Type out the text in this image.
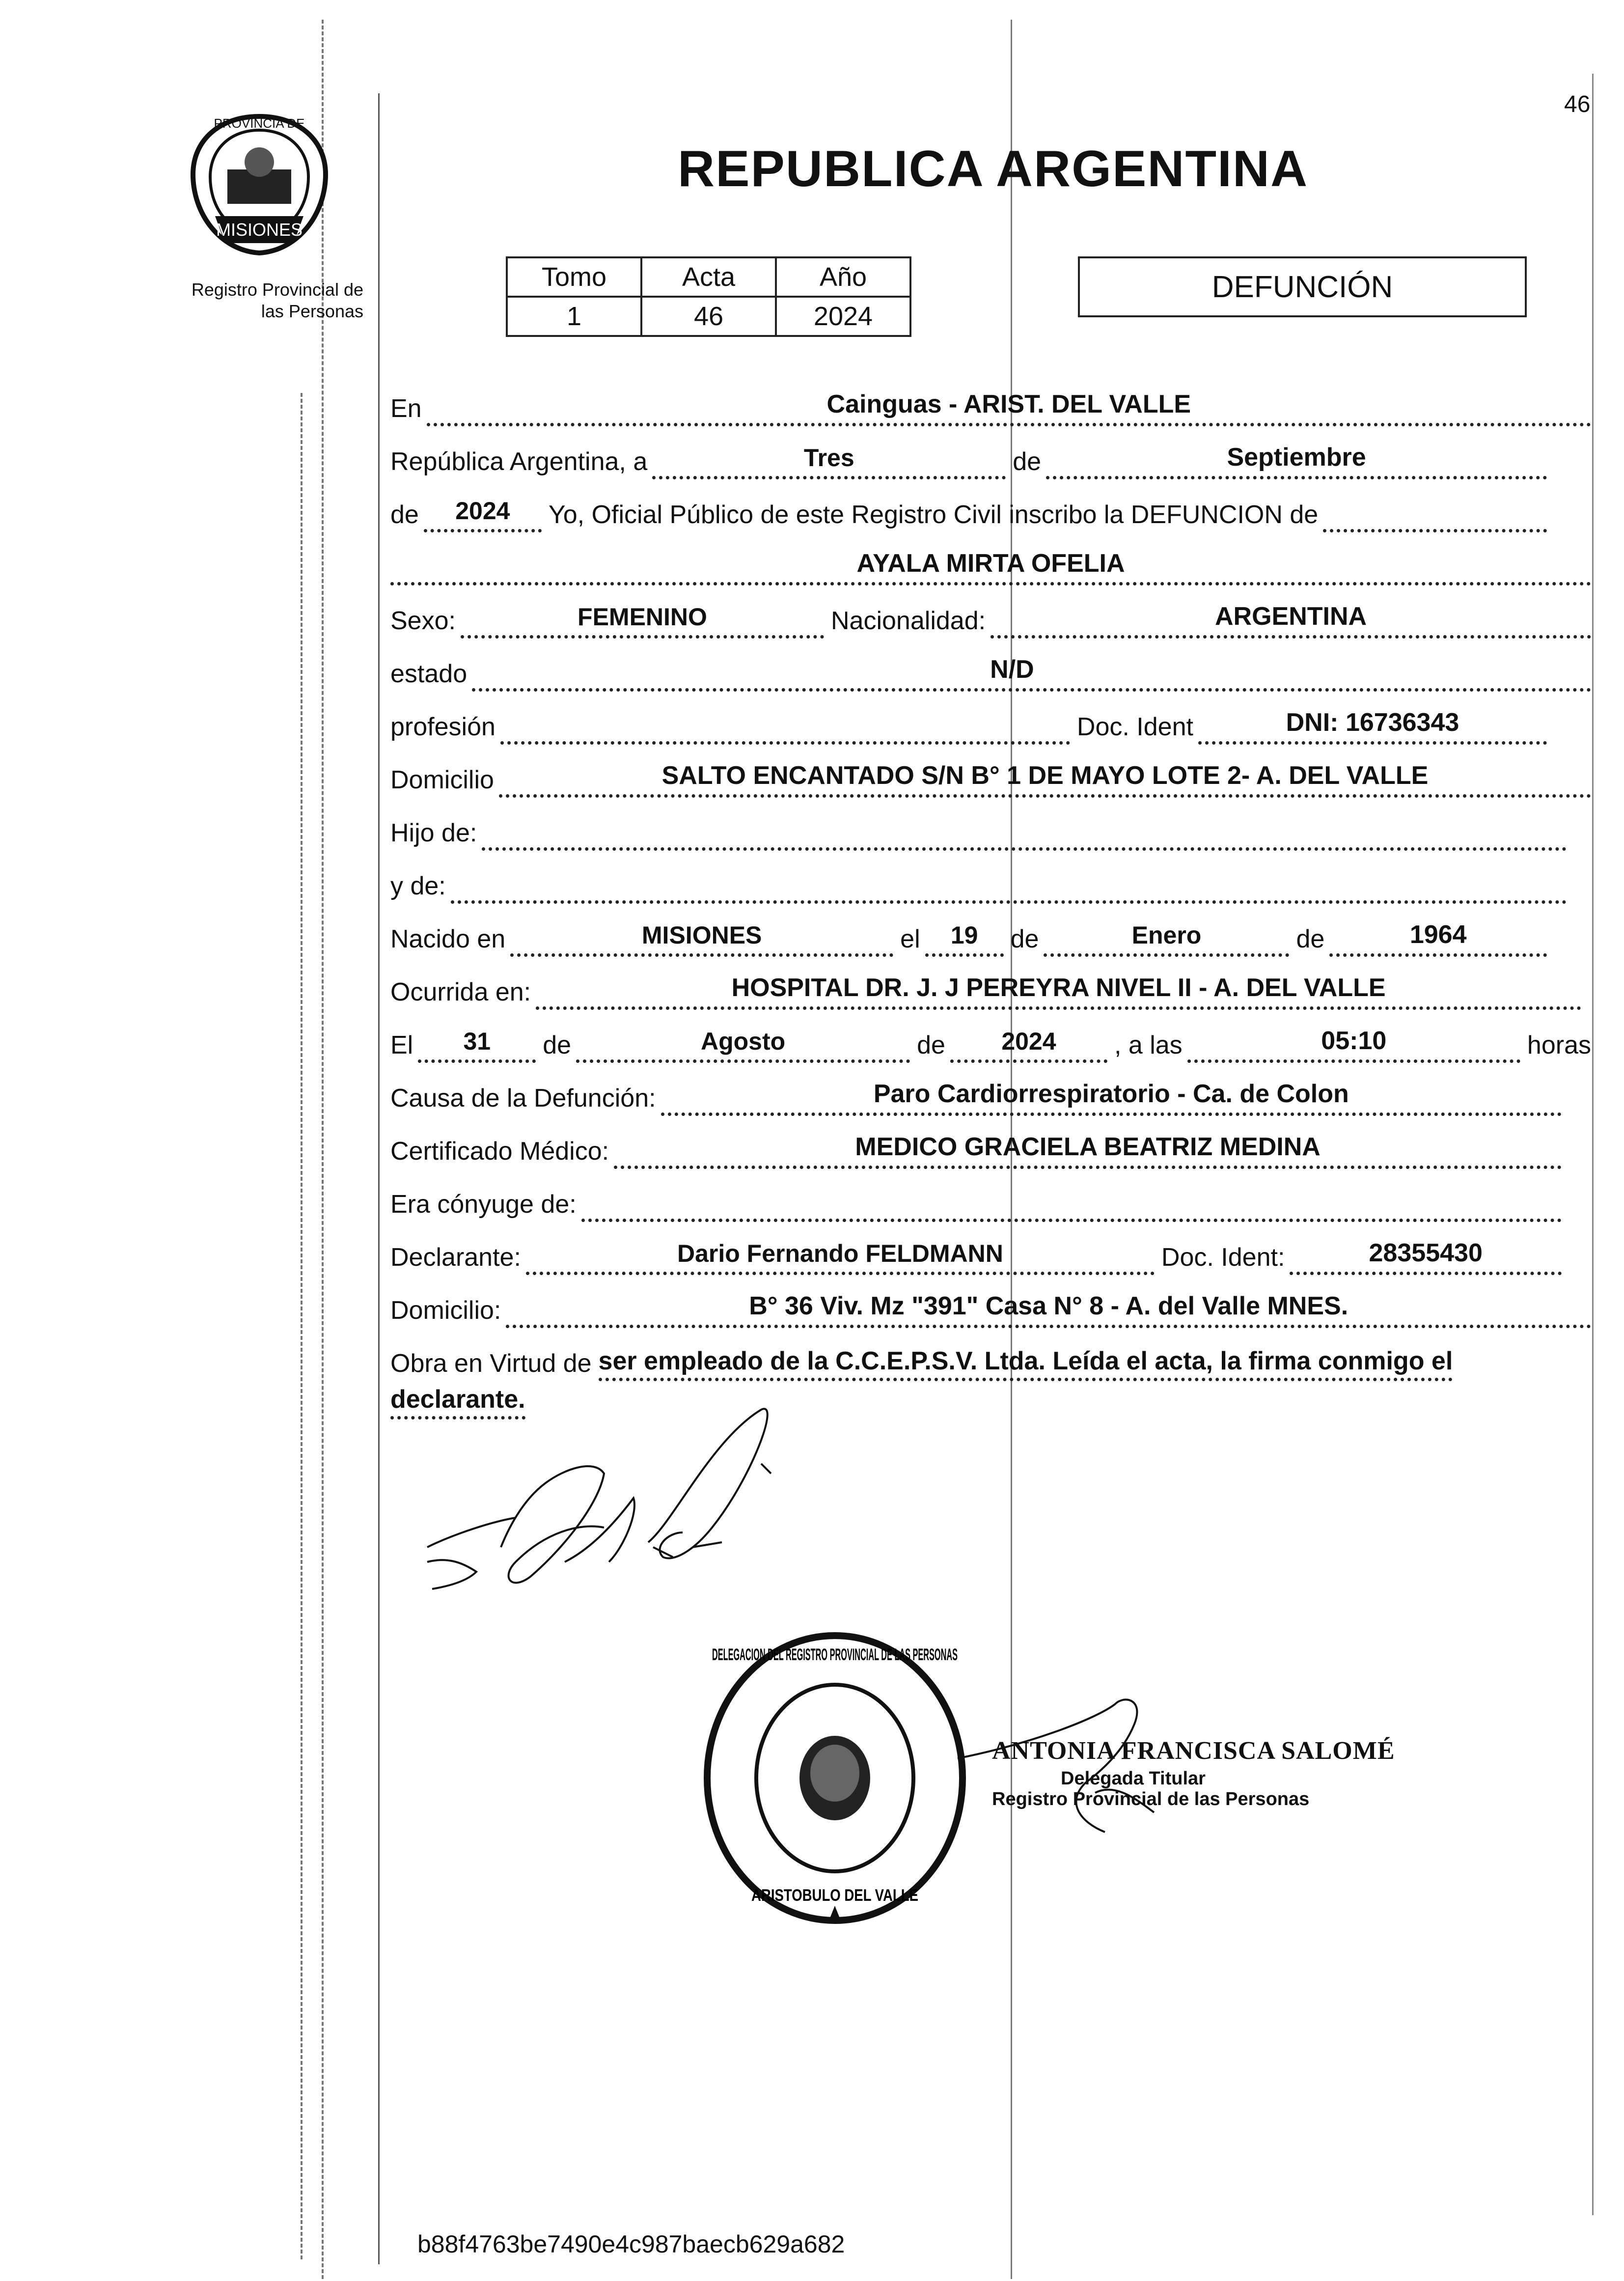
46
MISIONES
PROVINCIA DE
Registro Provincial de
las Personas
REPUBLICA ARGENTINA
Tomo	Acta	Año
1	46	2024
DEFUNCIÓN
En	Cainguas - ARIST. DEL VALLE
República Argentina, a	Tres	de	Septiembre
de	2024	Yo, Oficial Público de este Registro Civil inscribo la DEFUNCION de
AYALA MIRTA OFELIA
Sexo:	FEMENINO	Nacionalidad:	ARGENTINA
estado	N/D
profesión	Doc. Ident	DNI: 16736343
Domicilio	SALTO ENCANTADO S/N B° 1 DE MAYO LOTE 2- A. DEL VALLE
Hijo de:
y de:
Nacido en	MISIONES	el	19	de	Enero	de	1964
Ocurrida en:	HOSPITAL DR. J. J PEREYRA NIVEL II - A. DEL VALLE
El	31	de	Agosto	de	2024	, a las	05:10	horas
Causa de la Defunción:	Paro Cardiorrespiratorio - Ca. de Colon
Certificado Médico:	MEDICO GRACIELA BEATRIZ MEDINA
Era cónyuge de:
Declarante:	Dario Fernando FELDMANN	Doc. Ident:	28355430
Domicilio:	B° 36 Viv. Mz "391" Casa N° 8 - A. del Valle MNES.
Obra en Virtud de ser empleado de la C.C.E.P.S.V. Ltda. Leída el acta, la firma conmigo el
declarante.
DELEGACION DEL REGISTRO PROVINCIAL DE LAS PERSONAS
ARISTOBULO DEL VALLE
ANTONIA FRANCISCA SALOMÉ
Delegada Titular
Registro Provincial de las Personas
b88f4763be7490e4c987baecb629a682
